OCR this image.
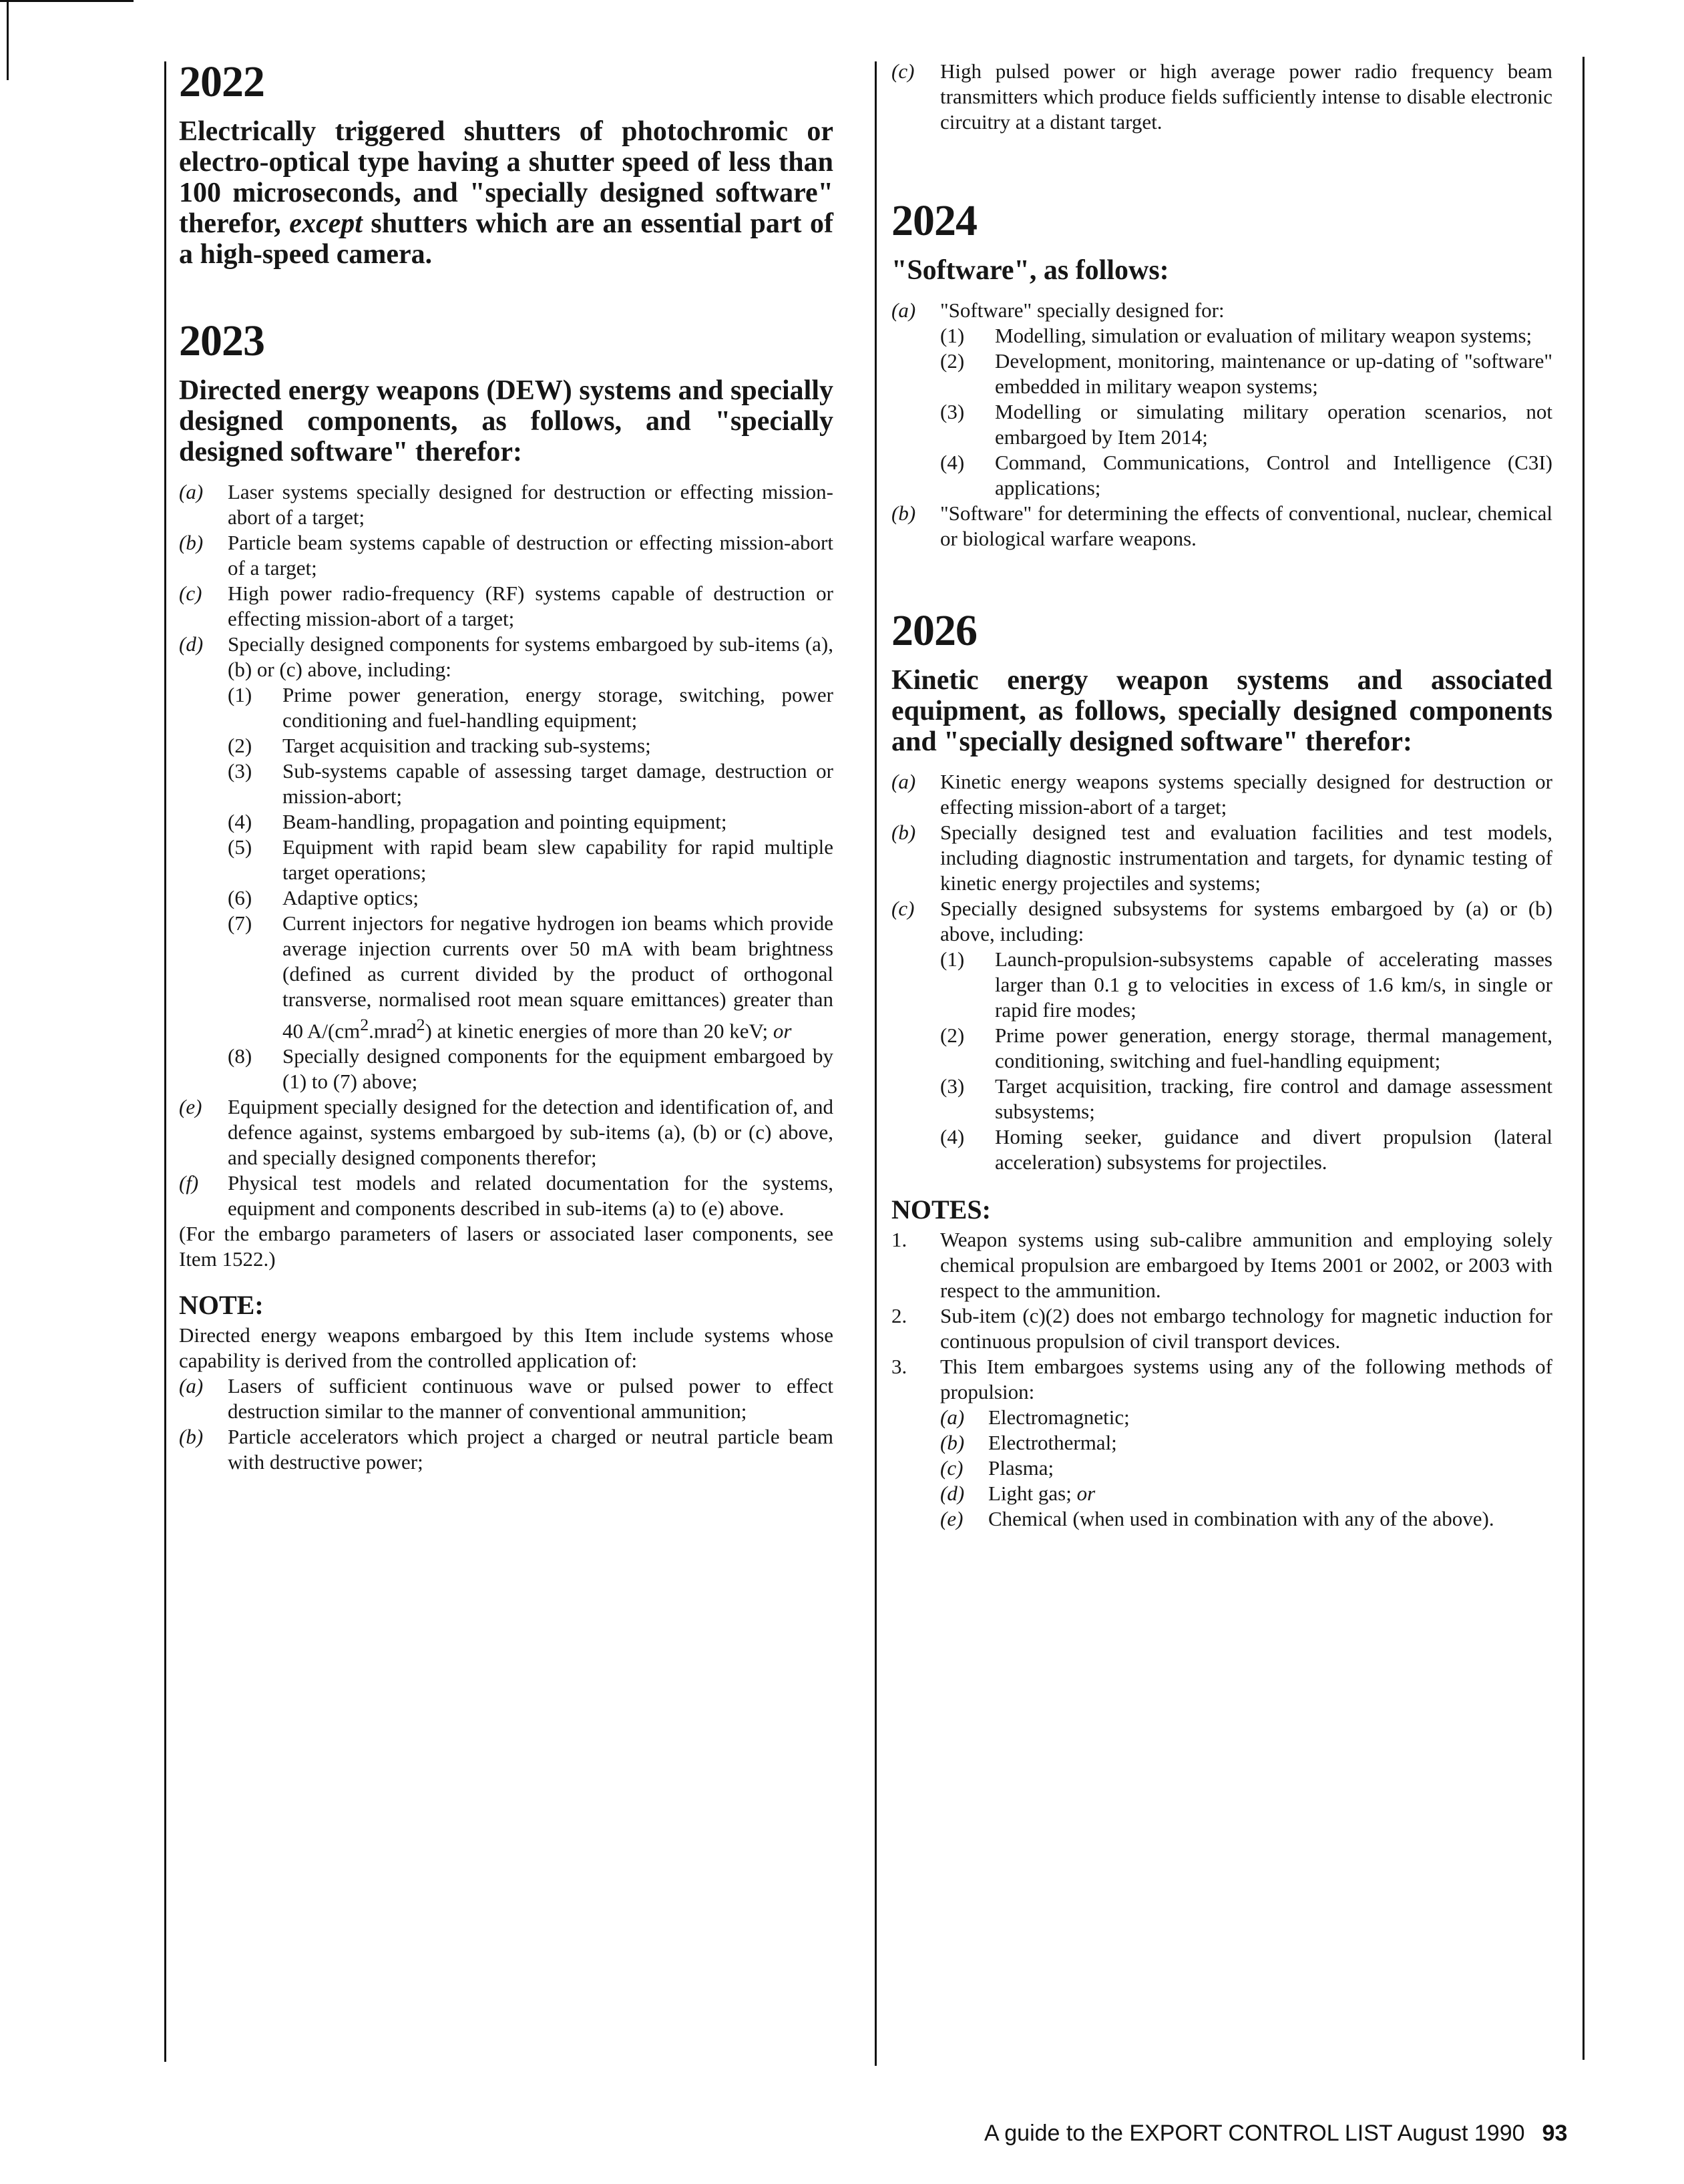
2022
Electrically triggered shutters of photochromic or electro-optical type having a shutter speed of less than 100 microseconds, and "specially designed software" therefor, except shutters which are an essential part of a high-speed camera.
2023
Directed energy weapons (DEW) systems and specially designed components, as follows, and "specially designed software" therefor:
(a) Laser systems specially designed for destruction or effecting mission-abort of a target;
(b) Particle beam systems capable of destruction or effecting mission-abort of a target;
(c) High power radio-frequency (RF) systems capable of destruction or effecting mission-abort of a target;
(d) Specially designed components for systems embargoed by sub-items (a), (b) or (c) above, including:
(1) Prime power generation, energy storage, switching, power conditioning and fuel-handling equipment;
(2) Target acquisition and tracking sub-systems;
(3) Sub-systems capable of assessing target damage, destruction or mission-abort;
(4) Beam-handling, propagation and pointing equipment;
(5) Equipment with rapid beam slew capability for rapid multiple target operations;
(6) Adaptive optics;
(7) Current injectors for negative hydrogen ion beams which provide average injection currents over 50 mA with beam brightness (defined as current divided by the product of orthogonal transverse, normalised root mean square emittances) greater than 40 $A/(cm^2.mrad^2)$ at kinetic energies of more than 20 keV; or
(8) Specially designed components for the equipment embargoed by (1) to (7) above;
(e) Equipment specially designed for the detection and identification of, and defence against, systems embargoed by sub-items (a), (b) or (c) above, and specially designed components therefor;
(f) Physical test models and related documentation for the systems, equipment and components described in sub-items (a) to (e) above.
(For the embargo parameters of lasers or associated laser components, see Item 1522.)
NOTE:
Directed energy weapons embargoed by this Item include systems whose capability is derived from the controlled application of:
(a) Lasers of sufficient continuous wave or pulsed power to effect destruction similar to the manner of conventional ammunition;
(b) Particle accelerators which project a charged or neutral particle beam with destructive power;
(c) High pulsed power or high average power radio frequency beam transmitters which produce fields sufficiently intense to disable electronic circuitry at a distant target.
2024
"Software", as follows:
(a) "Software" specially designed for:
(1) Modelling, simulation or evaluation of military weapon systems;
(2) Development, monitoring, maintenance or up-dating of "software" embedded in military weapon systems;
(3) Modelling or simulating military operation scenarios, not embargoed by Item 2014;
(4) Command, Communications, Control and Intelligence (C3I) applications;
(b) "Software" for determining the effects of conventional, nuclear, chemical or biological warfare weapons.
2026
Kinetic energy weapon systems and associated equipment, as follows, specially designed components and "specially designed software" therefor:
(a) Kinetic energy weapons systems specially designed for destruction or effecting mission-abort of a target;
(b) Specially designed test and evaluation facilities and test models, including diagnostic instrumentation and targets, for dynamic testing of kinetic energy projectiles and systems;
(c) Specially designed subsystems for systems embargoed by (a) or (b) above, including:
(1) Launch-propulsion-subsystems capable of accelerating masses larger than 0.1 g to velocities in excess of 1.6 km/s, in single or rapid fire modes;
(2) Prime power generation, energy storage, thermal management, conditioning, switching and fuel-handling equipment;
(3) Target acquisition, tracking, fire control and damage assessment subsystems;
(4) Homing seeker, guidance and divert propulsion (lateral acceleration) subsystems for projectiles.
NOTES:
1. Weapon systems using sub-calibre ammunition and employing solely chemical propulsion are embargoed by Items 2001 or 2002, or 2003 with respect to the ammunition.
2. Sub-item (c)(2) does not embargo technology for magnetic induction for continuous propulsion of civil transport devices.
3. This Item embargoes systems using any of the following methods of propulsion:
(a) Electromagnetic;
(b) Electrothermal;
(c) Plasma;
(d) Light gas; or
(e) Chemical (when used in combination with any of the above).
A guide to the EXPORT CONTROL LIST August 1990 93
